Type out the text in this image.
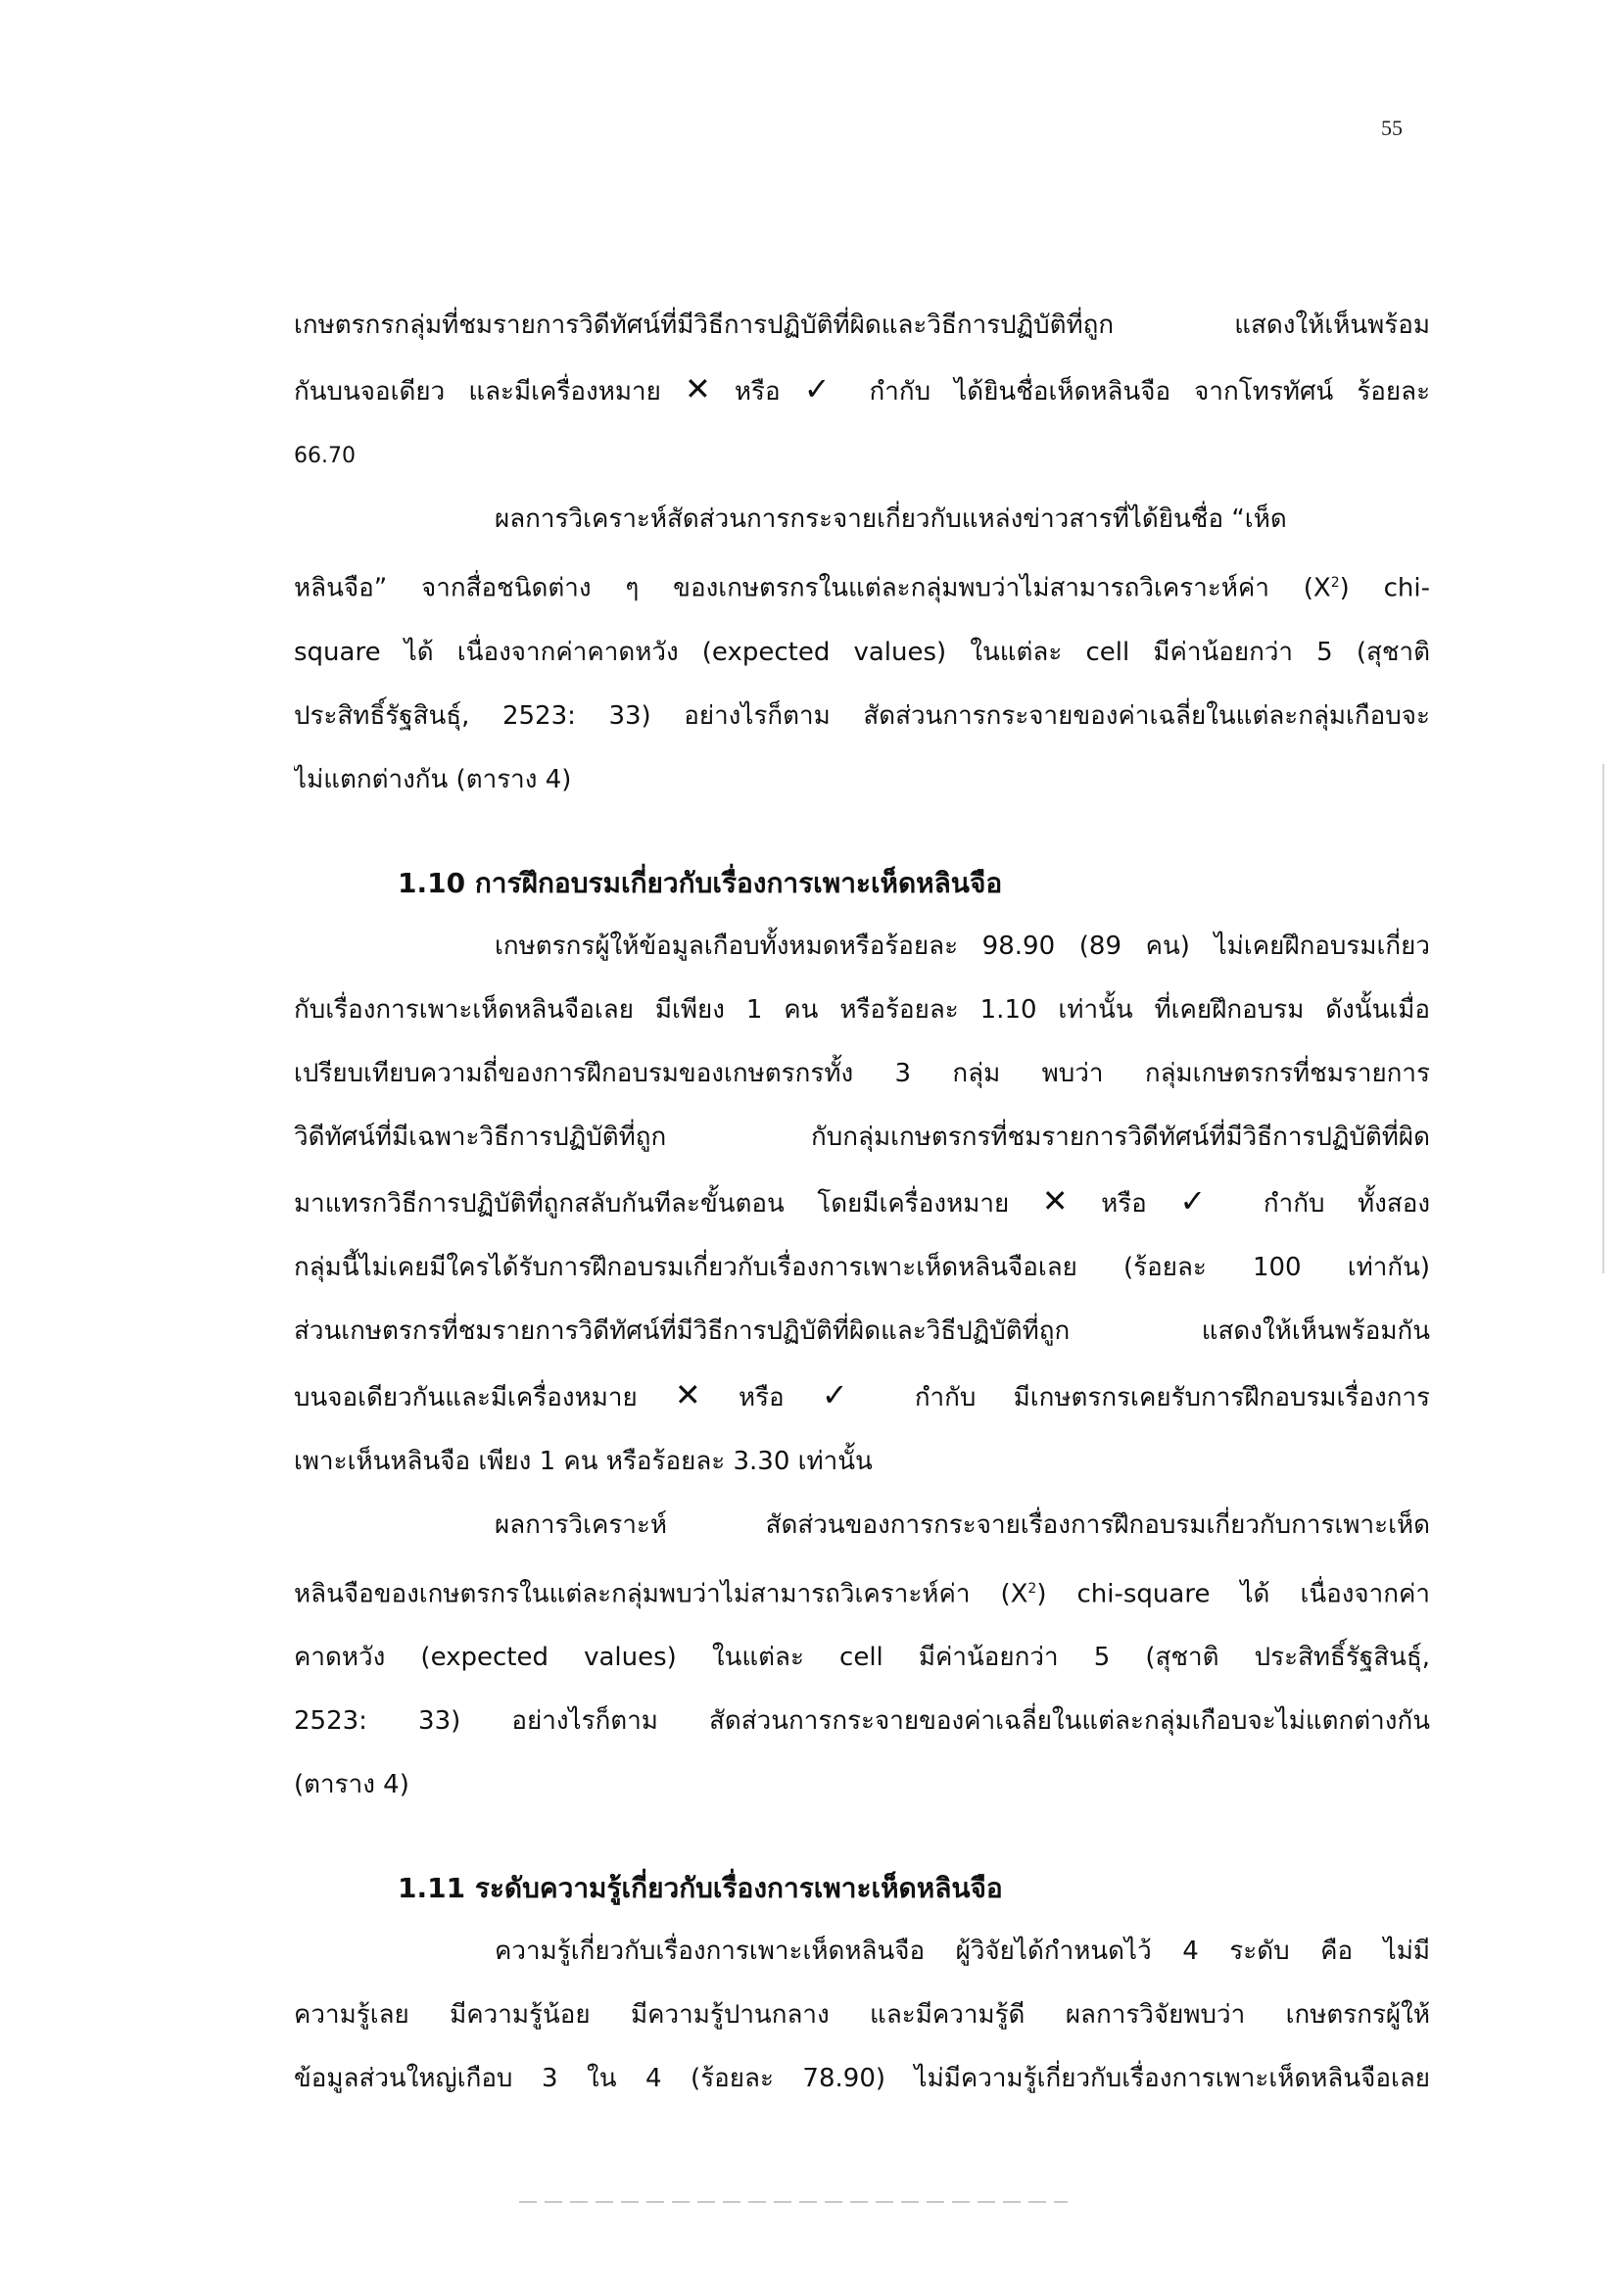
55
เกษตรกรกลุ่มที่ชมรายการวิดีทัศน์ที่มีวิธีการปฏิบัติที่ผิดและวิธีการปฏิบัติที่ถูก แสดงให้เห็นพร้อม
กันบนจอเดียว และมีเครื่องหมาย ✕ หรือ ✓ กำกับ ได้ยินชื่อเห็ดหลินจือ จากโทรทัศน์ ร้อยละ
66.70
ผลการวิเคราะห์สัดส่วนการกระจายเกี่ยวกับแหล่งข่าวสารที่ได้ยินชื่อ “เห็ด
หลินจือ” จากสื่อชนิดต่าง ๆ ของเกษตรกรในแต่ละกลุ่มพบว่าไม่สามารถวิเคราะห์ค่า $(X^2)$ chi-
square ได้ เนื่องจากค่าคาดหวัง (expected values) ในแต่ละ cell มีค่าน้อยกว่า 5 (สุชาติ
ประสิทธิ์รัฐสินธุ์, 2523: 33) อย่างไรก็ตาม สัดส่วนการกระจายของค่าเฉลี่ยในแต่ละกลุ่มเกือบจะ
ไม่แตกต่างกัน (ตาราง 4)
1.10 การฝึกอบรมเกี่ยวกับเรื่องการเพาะเห็ดหลินจือ
เกษตรกรผู้ให้ข้อมูลเกือบทั้งหมดหรือร้อยละ 98.90 (89 คน) ไม่เคยฝึกอบรมเกี่ยว
กับเรื่องการเพาะเห็ดหลินจือเลย มีเพียง 1 คน หรือร้อยละ 1.10 เท่านั้น ที่เคยฝึกอบรม ดังนั้นเมื่อ
เปรียบเทียบความถี่ของการฝึกอบรมของเกษตรกรทั้ง 3 กลุ่ม พบว่า กลุ่มเกษตรกรที่ชมรายการ
วิดีทัศน์ที่มีเฉพาะวิธีการปฏิบัติที่ถูก กับกลุ่มเกษตรกรที่ชมรายการวิดีทัศน์ที่มีวิธีการปฏิบัติที่ผิด
มาแทรกวิธีการปฏิบัติที่ถูกสลับกันทีละขั้นตอน โดยมีเครื่องหมาย ✕ หรือ ✓ กำกับ ทั้งสอง
กลุ่มนี้ไม่เคยมีใครได้รับการฝึกอบรมเกี่ยวกับเรื่องการเพาะเห็ดหลินจือเลย (ร้อยละ 100 เท่ากัน)
ส่วนเกษตรกรที่ชมรายการวิดีทัศน์ที่มีวิธีการปฏิบัติที่ผิดและวิธีปฏิบัติที่ถูก แสดงให้เห็นพร้อมกัน
บนจอเดียวกันและมีเครื่องหมาย ✕ หรือ ✓ กำกับ มีเกษตรกรเคยรับการฝึกอบรมเรื่องการ
เพาะเห็นหลินจือ เพียง 1 คน หรือร้อยละ 3.30 เท่านั้น
ผลการวิเคราะห์ สัดส่วนของการกระจายเรื่องการฝึกอบรมเกี่ยวกับการเพาะเห็ด
หลินจือของเกษตรกรในแต่ละกลุ่มพบว่าไม่สามารถวิเคราะห์ค่า $(X^2)$ chi-square ได้ เนื่องจากค่า
คาดหวัง (expected values) ในแต่ละ cell มีค่าน้อยกว่า 5 (สุชาติ ประสิทธิ์รัฐสินธุ์,
2523: 33) อย่างไรก็ตาม สัดส่วนการกระจายของค่าเฉลี่ยในแต่ละกลุ่มเกือบจะไม่แตกต่างกัน
(ตาราง 4)
1.11 ระดับความรู้เกี่ยวกับเรื่องการเพาะเห็ดหลินจือ
ความรู้เกี่ยวกับเรื่องการเพาะเห็ดหลินจือ ผู้วิจัยได้กำหนดไว้ 4 ระดับ คือ ไม่มี
ความรู้เลย มีความรู้น้อย มีความรู้ปานกลาง และมีความรู้ดี ผลการวิจัยพบว่า เกษตรกรผู้ให้
ข้อมูลส่วนใหญ่เกือบ 3 ใน 4 (ร้อยละ 78.90) ไม่มีความรู้เกี่ยวกับเรื่องการเพาะเห็ดหลินจือเลย
